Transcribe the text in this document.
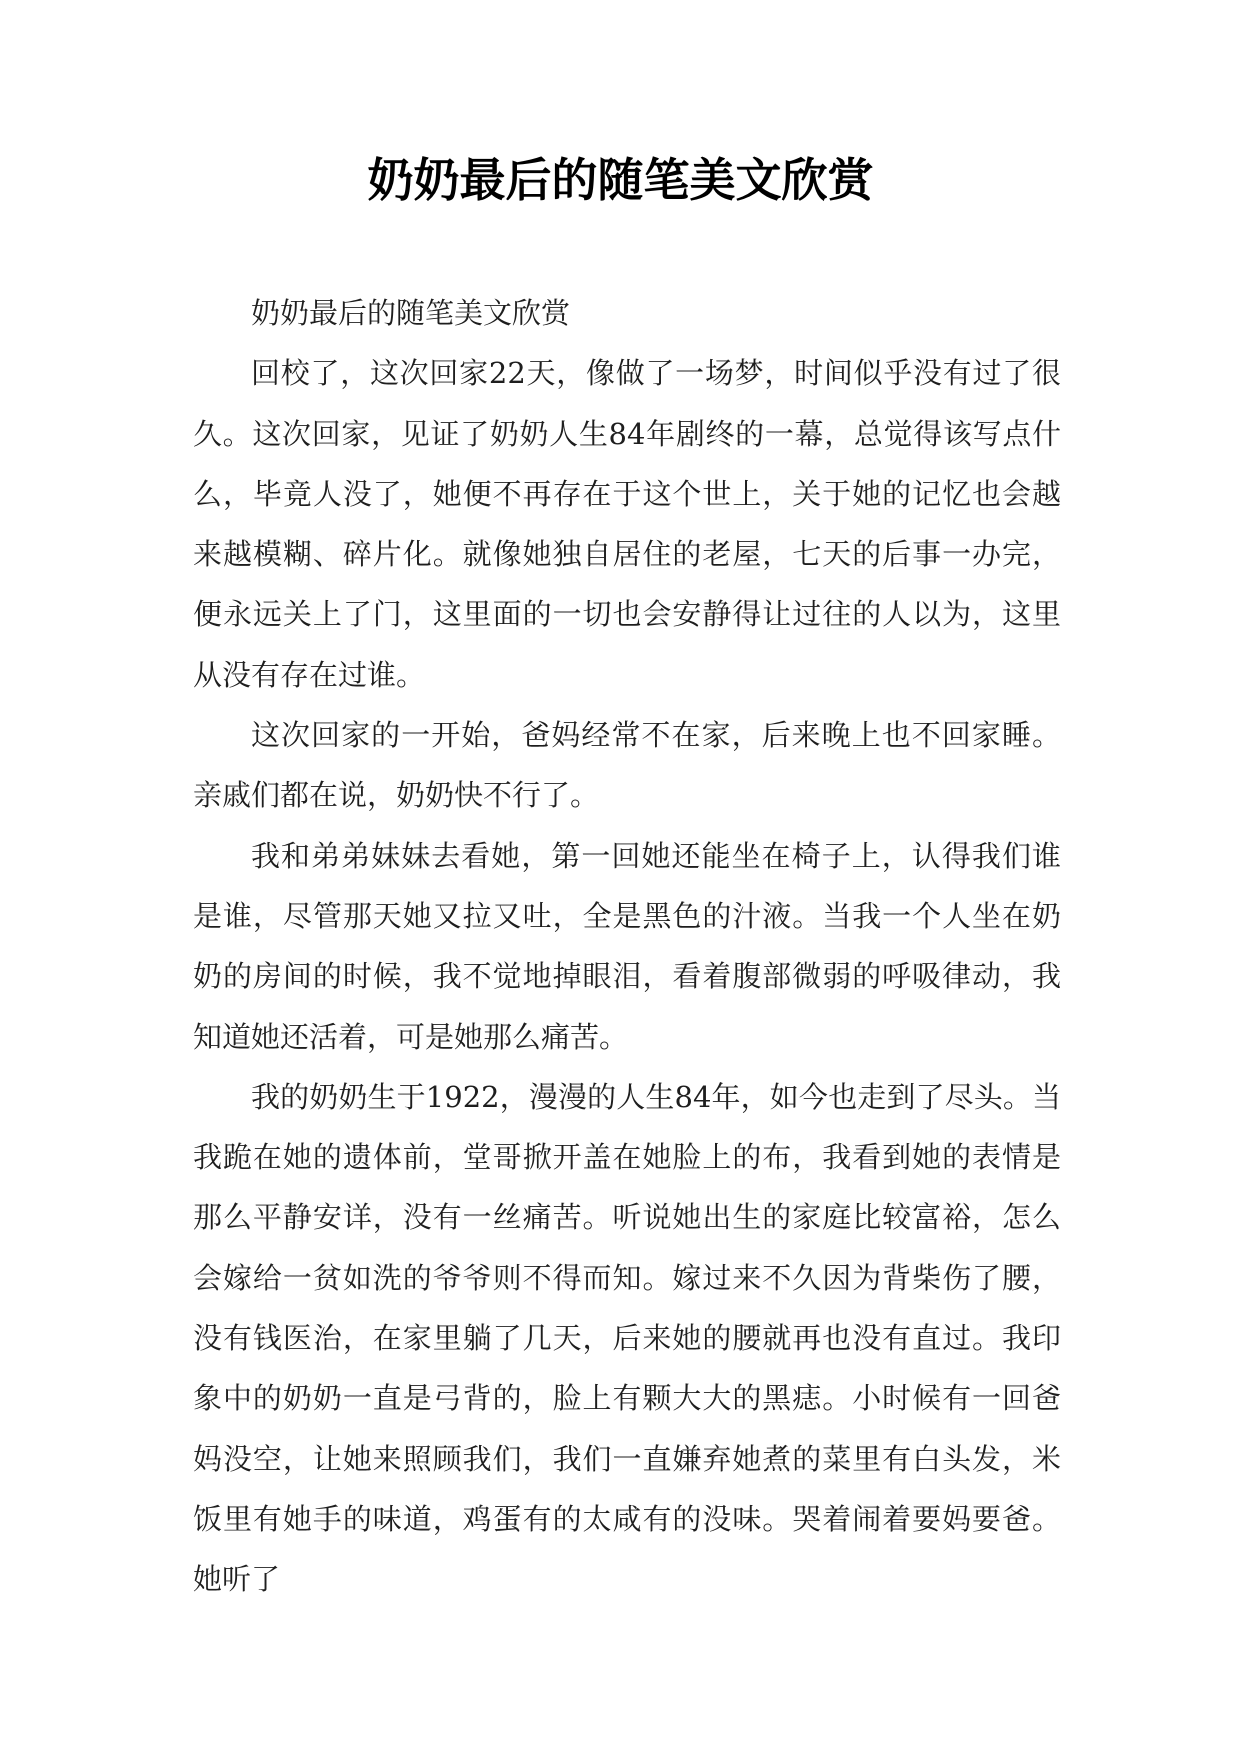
奶奶最后的随笔美文欣赏

奶奶最后的随笔美文欣赏

回校了，这次回家22天，像做了一场梦，时间似乎没有过了很久。这次回家，见证了奶奶人生84年剧终的一幕，总觉得该写点什么，毕竟人没了，她便不再存在于这个世上，关于她的记忆也会越来越模糊、碎片化。就像她独自居住的老屋，七天的后事一办完，便永远关上了门，这里面的一切也会安静得让过往的人以为，这里从没有存在过谁。

这次回家的一开始，爸妈经常不在家，后来晚上也不回家睡。亲戚们都在说，奶奶快不行了。

我和弟弟妹妹去看她，第一回她还能坐在椅子上，认得我们谁是谁，尽管那天她又拉又吐，全是黑色的汁液。当我一个人坐在奶奶的房间的时候，我不觉地掉眼泪，看着腹部微弱的呼吸律动，我知道她还活着，可是她那么痛苦。

我的奶奶生于1922，漫漫的人生84年，如今也走到了尽头。当我跪在她的遗体前，堂哥掀开盖在她脸上的布，我看到她的表情是那么平静安详，没有一丝痛苦。听说她出生的家庭比较富裕，怎么会嫁给一贫如洗的爷爷则不得而知。嫁过来不久因为背柴伤了腰，没有钱医治，在家里躺了几天，后来她的腰就再也没有直过。我印象中的奶奶一直是弓背的，脸上有颗大大的黑痣。小时候有一回爸妈没空，让她来照顾我们，我们一直嫌弃她煮的菜里有白头发，米饭里有她手的味道，鸡蛋有的太咸有的没味。哭着闹着要妈要爸。她听了
